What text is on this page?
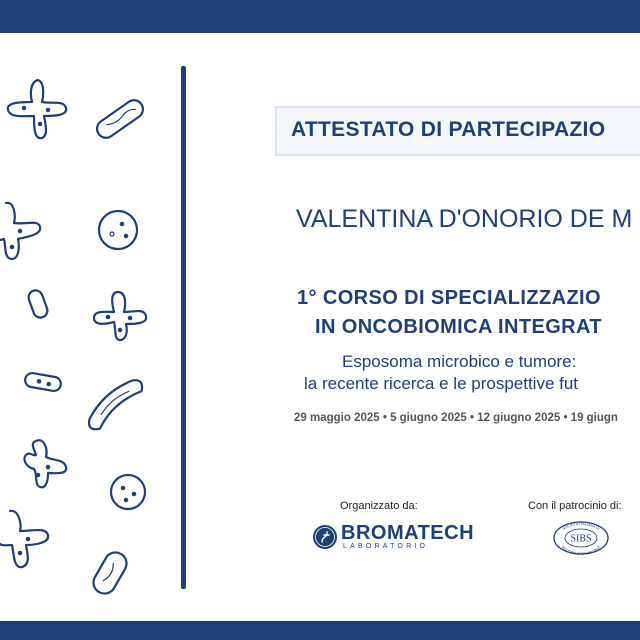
ATTESTATO DI PARTECIPAZIO
VALENTINA D'ONORIO DE M
1° CORSO DI SPECIALIZZAZIO
IN ONCOBIOMICA INTEGRAT
Esposoma microbico e tumore:
la recente ricerca e le prospettive fut
29 maggio 2025 • 5 giugno 2025 • 12 giugno 2025 • 19 giugn
Organizzato da:	Con il patrocinio di:
BROMATECH
LABORATORIO
SOCIETÀ ITALIANA DI
BIOLOGIA SPERIMENTALE
SIBS
